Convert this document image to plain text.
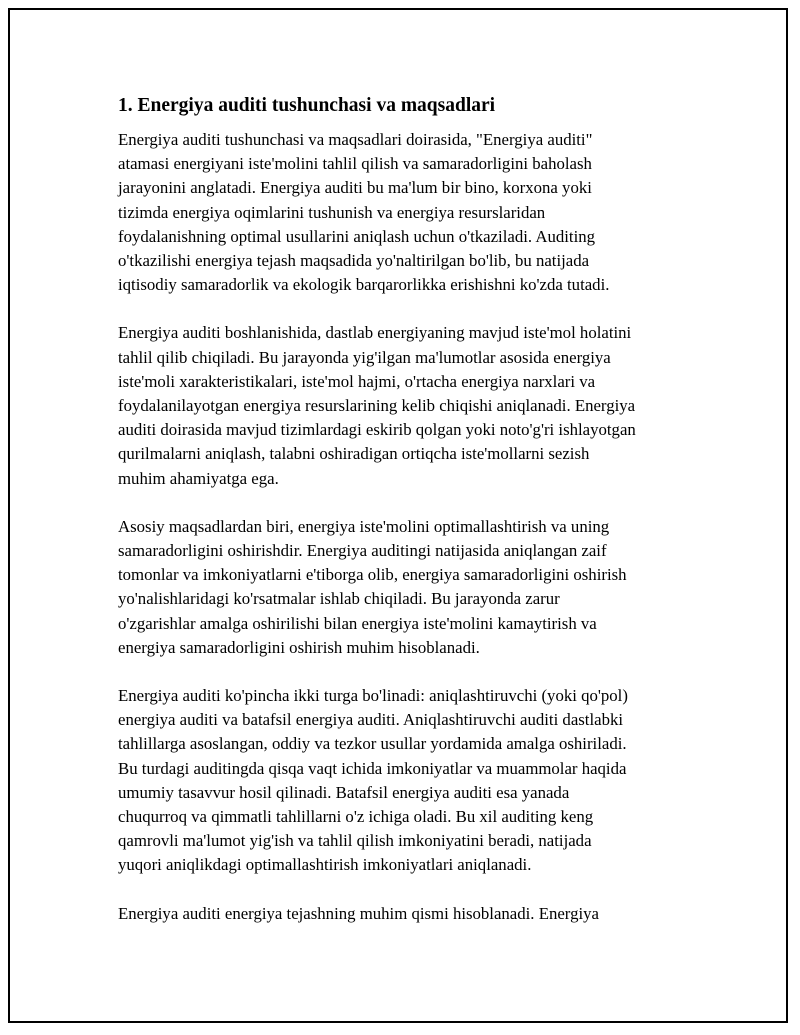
1. Energiya auditi tushunchasi va maqsadlari

Energiya auditi tushunchasi va maqsadlari doirasida, "Energiya auditi"
atamasi energiyani iste'molini tahlil qilish va samaradorligini baholash
jarayonini anglatadi. Energiya auditi bu ma'lum bir bino, korxona yoki
tizimda energiya oqimlarini tushunish va energiya resurslaridan
foydalanishning optimal usullarini aniqlash uchun o'tkaziladi. Auditing
o'tkazilishi energiya tejash maqsadida yo'naltirilgan bo'lib, bu natijada
iqtisodiy samaradorlik va ekologik barqarorlikka erishishni ko'zda tutadi.

Energiya auditi boshlanishida, dastlab energiyaning mavjud iste'mol holatini
tahlil qilib chiqiladi. Bu jarayonda yig'ilgan ma'lumotlar asosida energiya
iste'moli xarakteristikalari, iste'mol hajmi, o'rtacha energiya narxlari va
foydalanilayotgan energiya resurslarining kelib chiqishi aniqlanadi. Energiya
auditi doirasida mavjud tizimlardagi eskirib qolgan yoki noto'g'ri ishlayotgan
qurilmalarni aniqlash, talabni oshiradigan ortiqcha iste'mollarni sezish
muhim ahamiyatga ega.

Asosiy maqsadlardan biri, energiya iste'molini optimallashtirish va uning
samaradorligini oshirishdir. Energiya auditingi natijasida aniqlangan zaif
tomonlar va imkoniyatlarni e'tiborga olib, energiya samaradorligini oshirish
yo'nalishlaridagi ko'rsatmalar ishlab chiqiladi. Bu jarayonda zarur
o'zgarishlar amalga oshirilishi bilan energiya iste'molini kamaytirish va
energiya samaradorligini oshirish muhim hisoblanadi.

Energiya auditi ko'pincha ikki turga bo'linadi: aniqlashtiruvchi (yoki qo'pol)
energiya auditi va batafsil energiya auditi. Aniqlashtiruvchi auditi dastlabki
tahlillarga asoslangan, oddiy va tezkor usullar yordamida amalga oshiriladi.
Bu turdagi auditingda qisqa vaqt ichida imkoniyatlar va muammolar haqida
umumiy tasavvur hosil qilinadi. Batafsil energiya auditi esa yanada
chuqurroq va qimmatli tahlillarni o'z ichiga oladi. Bu xil auditing keng
qamrovli ma'lumot yig'ish va tahlil qilish imkoniyatini beradi, natijada
yuqori aniqlikdagi optimallashtirish imkoniyatlari aniqlanadi.

Energiya auditi energiya tejashning muhim qismi hisoblanadi. Energiya
